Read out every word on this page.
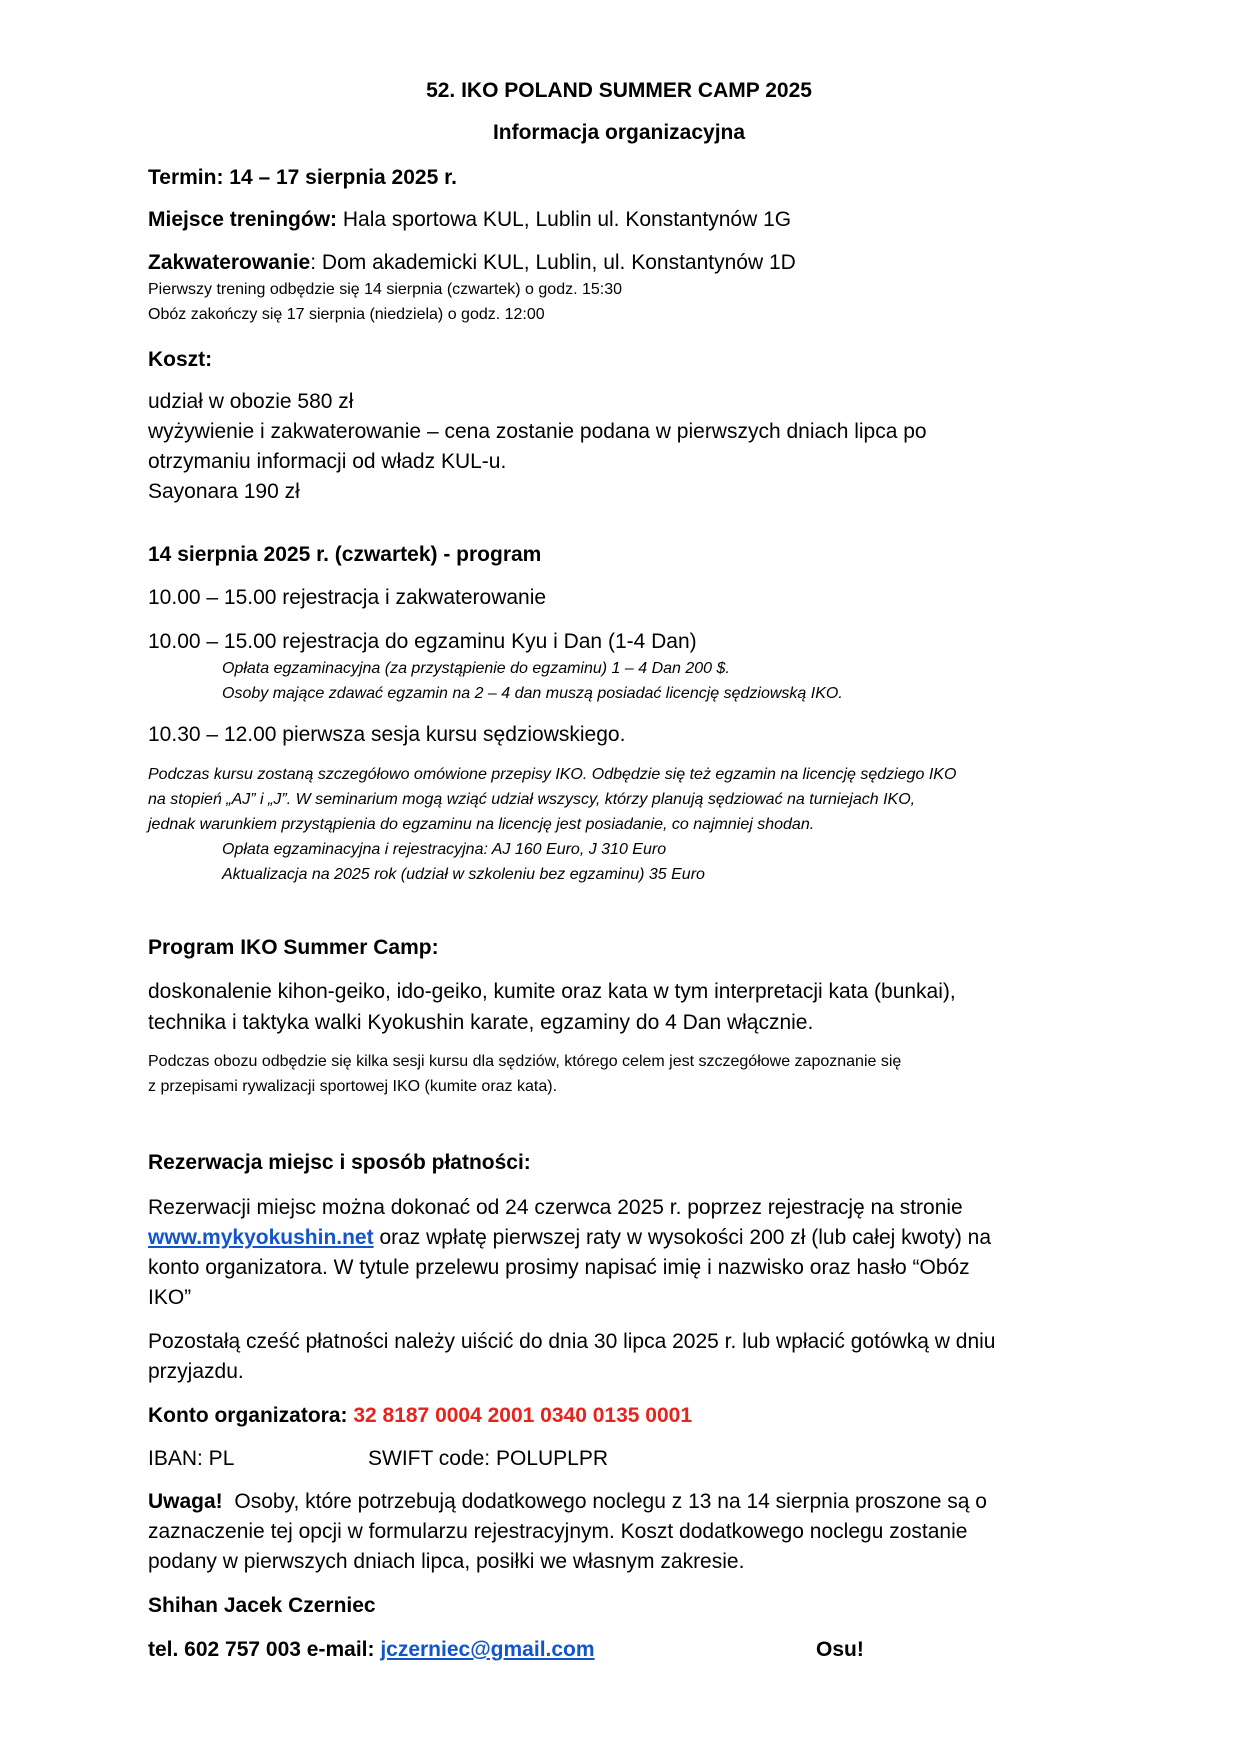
52. IKO POLAND SUMMER CAMP 2025

Informacja organizacyjna

Termin: 14 – 17 sierpnia 2025 r.

Miejsce treningów: Hala sportowa KUL, Lublin ul. Konstantynów 1G

Zakwaterowanie: Dom akademicki KUL, Lublin, ul. Konstantynów 1D

Pierwszy trening odbędzie się 14 sierpnia (czwartek) o godz. 15:30

Obóz zakończy się 17 sierpnia (niedziela) o godz. 12:00

Koszt:

udział w obozie 580 zł

wyżywienie i zakwaterowanie – cena zostanie podana w pierwszych dniach lipca po

otrzymaniu informacji od władz KUL-u.

Sayonara 190 zł

14 sierpnia 2025 r. (czwartek) - program

10.00 – 15.00 rejestracja i zakwaterowanie

10.00 – 15.00 rejestracja do egzaminu Kyu i Dan (1-4 Dan)

Opłata egzaminacyjna (za przystąpienie do egzaminu) 1 – 4 Dan 200 $.

Osoby mające zdawać egzamin na 2 – 4 dan muszą posiadać licencję sędziowską IKO.

10.30 – 12.00 pierwsza sesja kursu sędziowskiego.

Podczas kursu zostaną szczegółowo omówione przepisy IKO. Odbędzie się też egzamin na licencję sędziego IKO

na stopień „AJ” i „J”. W seminarium mogą wziąć udział wszyscy, którzy planują sędziować na turniejach IKO,

jednak warunkiem przystąpienia do egzaminu na licencję jest posiadanie, co najmniej shodan.

Opłata egzaminacyjna i rejestracyjna: AJ 160 Euro, J 310 Euro

Aktualizacja na 2025 rok (udział w szkoleniu bez egzaminu) 35 Euro

Program IKO Summer Camp:

doskonalenie kihon-geiko, ido-geiko, kumite oraz kata w tym interpretacji kata (bunkai),

technika i taktyka walki Kyokushin karate, egzaminy do 4 Dan włącznie.

Podczas obozu odbędzie się kilka sesji kursu dla sędziów, którego celem jest szczegółowe zapoznanie się

z przepisami rywalizacji sportowej IKO (kumite oraz kata).

Rezerwacja miejsc i sposób płatności:

Rezerwacji miejsc można dokonać od 24 czerwca 2025 r. poprzez rejestrację na stronie

www.mykyokushin.net oraz wpłatę pierwszej raty w wysokości 200 zł (lub całej kwoty) na

konto organizatora. W tytule przelewu prosimy napisać imię i nazwisko oraz hasło “Obóz

IKO”

Pozostałą cześć płatności należy uiścić do dnia 30 lipca 2025 r. lub wpłacić gotówką w dniu

przyjazdu.

Konto organizatora: 32 8187 0004 2001 0340 0135 0001

IBAN: PL	SWIFT code: POLUPLPR

Uwaga!  Osoby, które potrzebują dodatkowego noclegu z 13 na 14 sierpnia proszone są o

zaznaczenie tej opcji w formularzu rejestracyjnym. Koszt dodatkowego noclegu zostanie

podany w pierwszych dniach lipca, posiłki we własnym zakresie.

Shihan Jacek Czerniec

tel. 602 757 003 e-mail: jczerniec@gmail.com	Osu!
